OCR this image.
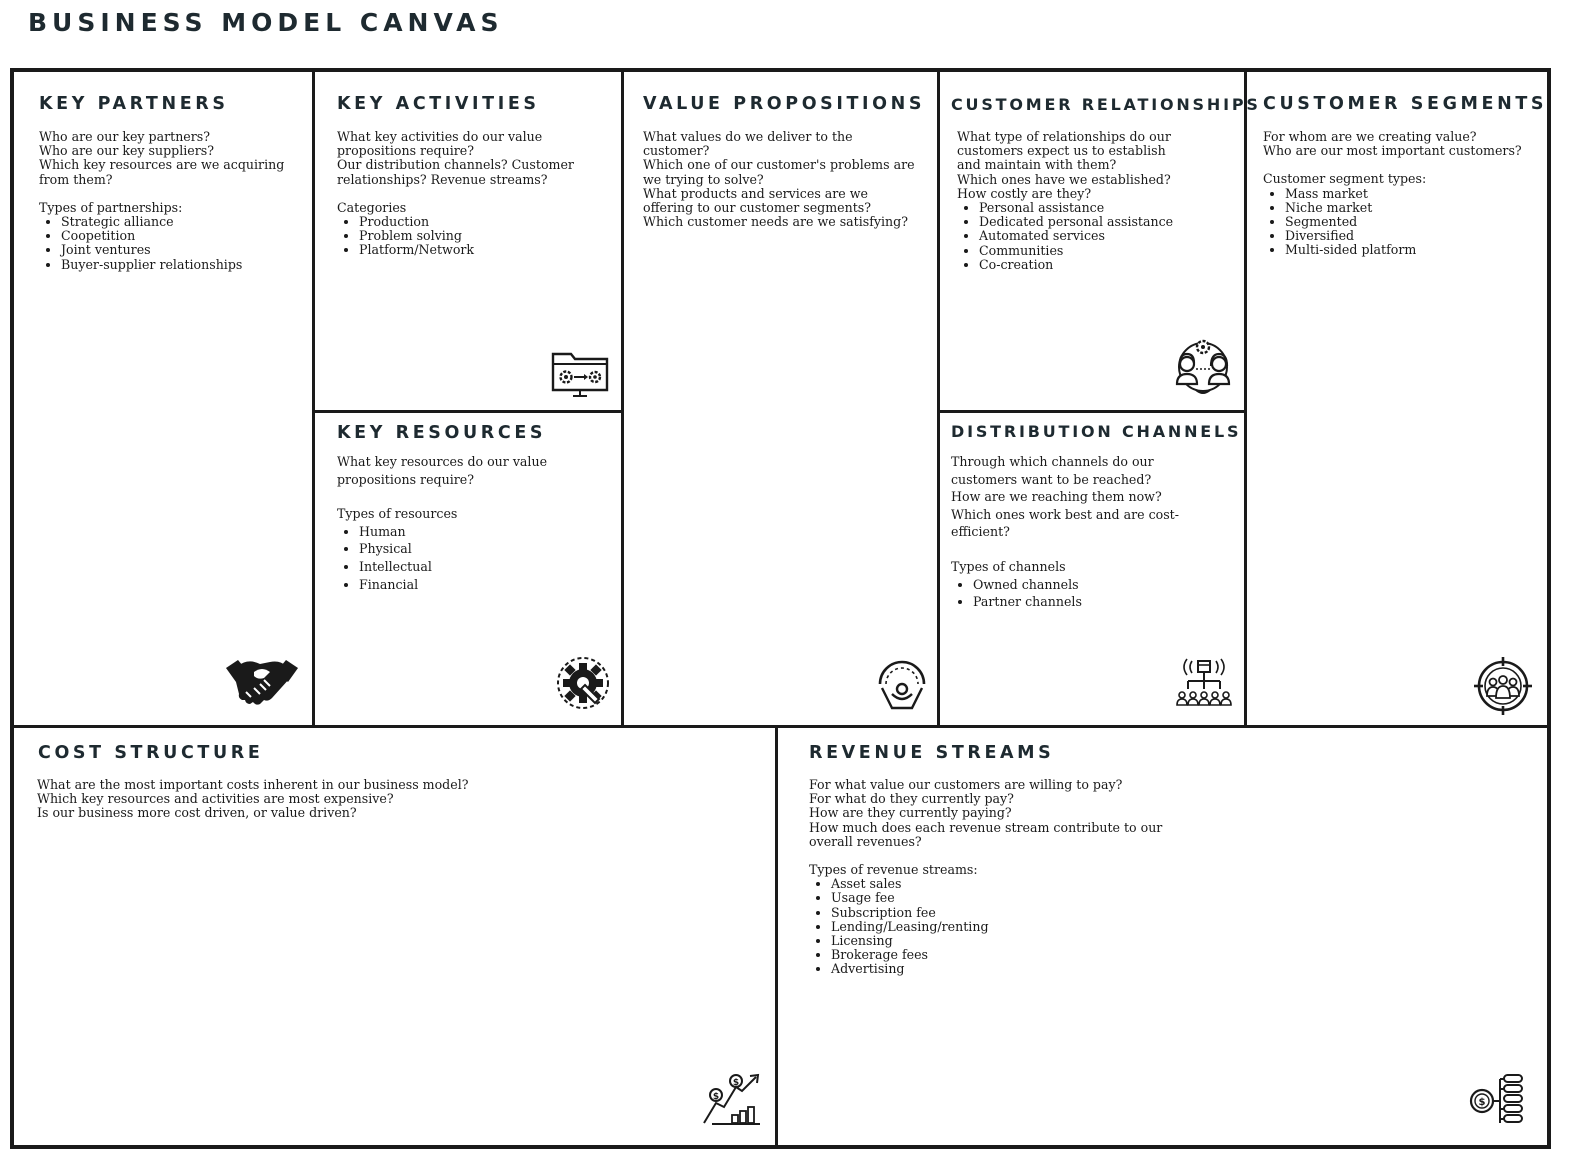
BUSINESS MODEL CANVAS
KEY PARTNERS

Who are our key partners?

Who are our key suppliers?

Which key resources are we acquiring from them?

Types of partnerships:

• Strategic alliance
• Coopetition
• Joint ventures
• Buyer-supplier relationships
KEY ACTIVITIES

What key activities do our value propositions require?

Our distribution channels? Customer relationships? Revenue streams?

Categories

• Production
• Problem solving
• Platform/Network
KEY RESOURCES

What key resources do our value propositions require?

Types of resources

• Human
• Physical
• Intellectual
• Financial
VALUE PROPOSITIONS

What values do we deliver to the customer?

Which one of our customer's problems are we trying to solve?

What products and services are we offering to our customer segments?

Which customer needs are we satisfying?

CUSTOMER RELATIONSHIPS

What type of relationships do our customers expect us to establish and maintain with them?

Which ones have we established?

How costly are they?

• Personal assistance
• Dedicated personal assistance
• Automated services
• Communities
• Co-creation
DISTRIBUTION CHANNELS

Through which channels do our customers want to be reached?

How are we reaching them now?

Which ones work best and are cost-efficient?

Types of channels

• Owned channels
• Partner channels
CUSTOMER SEGMENTS

For whom are we creating value?

Who are our most important customers?

Customer segment types:

• Mass market
• Niche market
• Segmented
• Diversified
• Multi-sided platform
COST STRUCTURE

What are the most important costs inherent in our business model?

Which key resources and activities are most expensive?

Is our business more cost driven, or value driven?

$
$
REVENUE STREAMS

For what value our customers are willing to pay?

For what do they currently pay?

How are they currently paying?

How much does each revenue stream contribute to our overall revenues?

Types of revenue streams:

• Asset sales
• Usage fee
• Subscription fee
• Lending/Leasing/renting
• Licensing
• Brokerage fees
• Advertising
$
